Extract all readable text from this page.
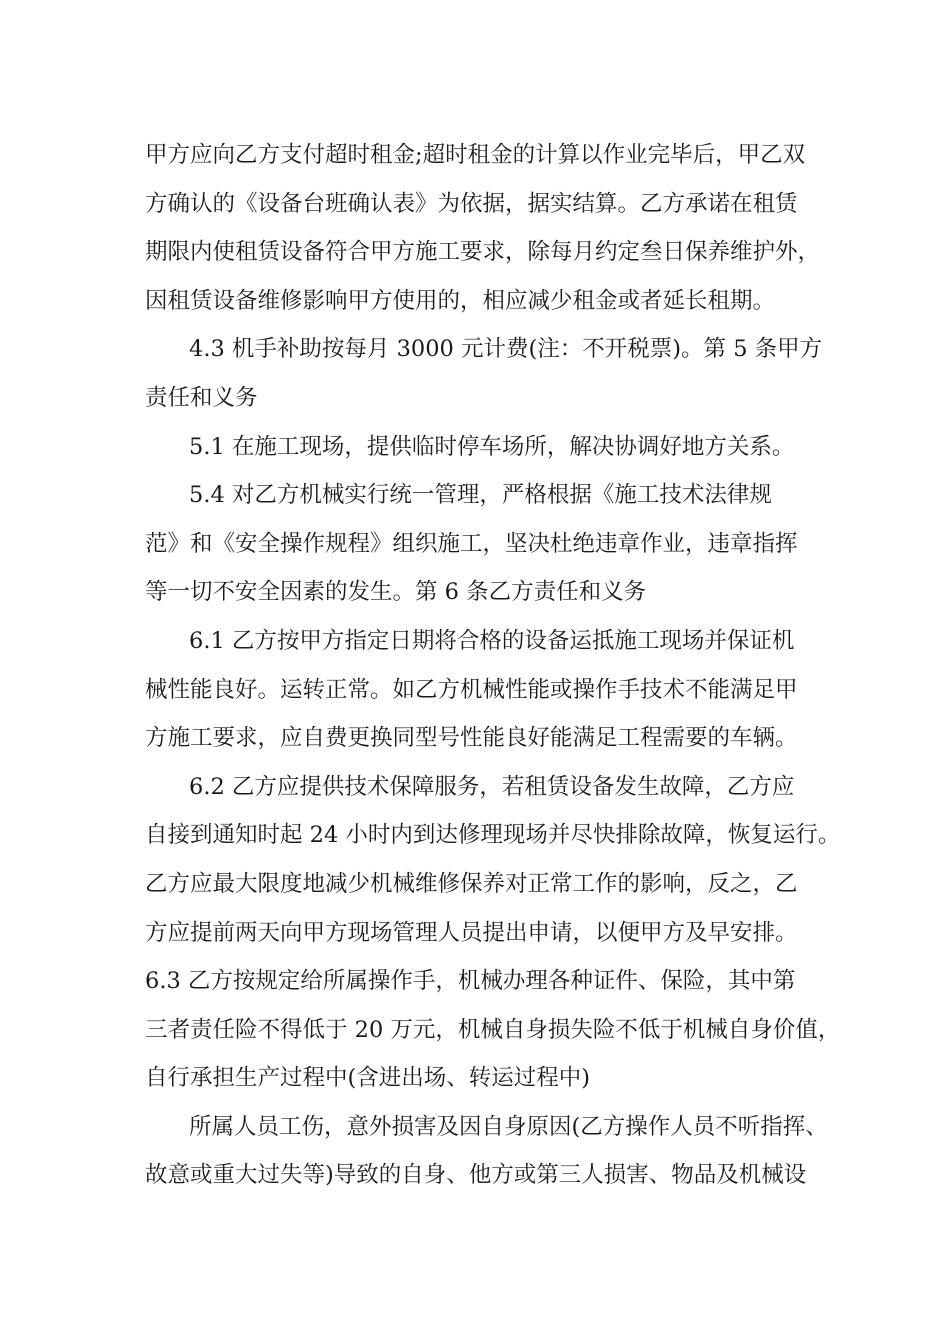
甲方应向乙方支付超时租金;超时租金的计算以作业完毕后，甲乙双
方确认的《设备台班确认表》为依据，据实结算。乙方承诺在租赁
期限内使租赁设备符合甲方施工要求，除每月约定叁日保养维护外，
因租赁设备维修影响甲方使用的，相应减少租金或者延长租期。
4.3 机手补助按每月 3000 元计费(注：不开税票)。第 5 条甲方
责任和义务
5.1 在施工现场，提供临时停车场所，解决协调好地方关系。
5.4 对乙方机械实行统一管理，严格根据《施工技术法律规
范》和《安全操作规程》组织施工，坚决杜绝违章作业，违章指挥
等一切不安全因素的发生。第 6 条乙方责任和义务
6.1 乙方按甲方指定日期将合格的设备运抵施工现场并保证机
械性能良好。运转正常。如乙方机械性能或操作手技术不能满足甲
方施工要求，应自费更换同型号性能良好能满足工程需要的车辆。
6.2 乙方应提供技术保障服务，若租赁设备发生故障，乙方应
自接到通知时起 24 小时内到达修理现场并尽快排除故障，恢复运行。
乙方应最大限度地减少机械维修保养对正常工作的影响，反之，乙
方应提前两天向甲方现场管理人员提出申请，以便甲方及早安排。
6.3 乙方按规定给所属操作手，机械办理各种证件、保险，其中第
三者责任险不得低于 20 万元，机械自身损失险不低于机械自身价值，
自行承担生产过程中(含进出场、转运过程中)
所属人员工伤，意外损害及因自身原因(乙方操作人员不听指挥、
故意或重大过失等)导致的自身、他方或第三人损害、物品及机械设
